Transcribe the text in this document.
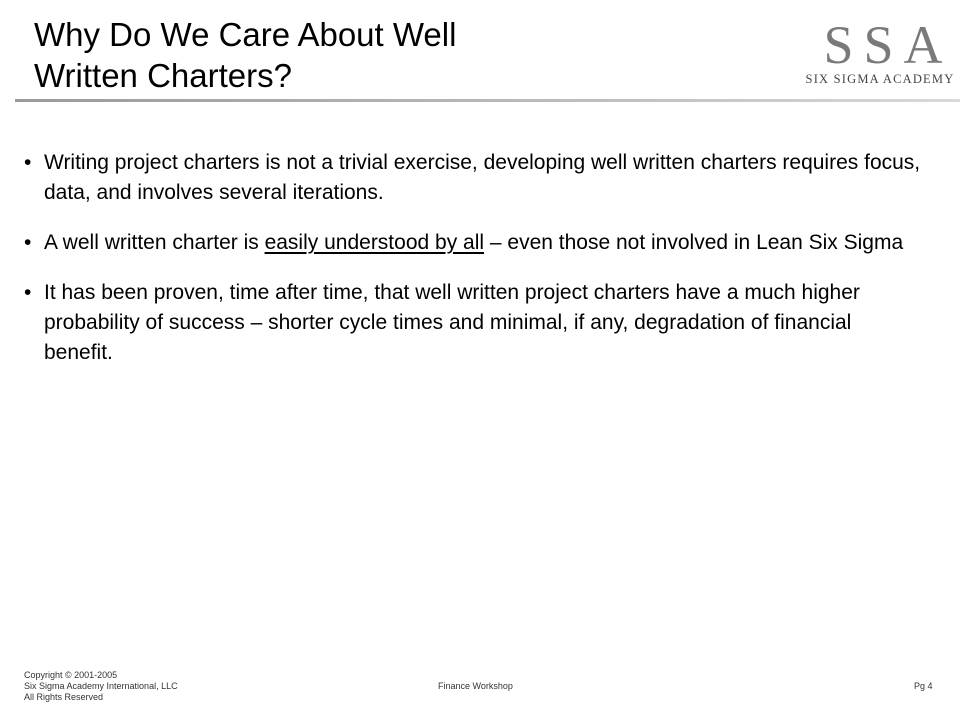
Why Do We Care About Well
Written Charters?
SSA
SIX SIGMA ACADEMY
• Writing project charters is not a trivial exercise, developing well written charters requires focus, data, and involves several iterations.
• A well written charter is easily understood by all – even those not involved in Lean Six Sigma
• It has been proven, time after time, that well written project charters have a much higher probability of success – shorter cycle times and minimal, if any, degradation of financial benefit.
Copyright © 2001-2005
Six Sigma Academy International, LLC
All Rights Reserved
Finance Workshop	Pg 4
